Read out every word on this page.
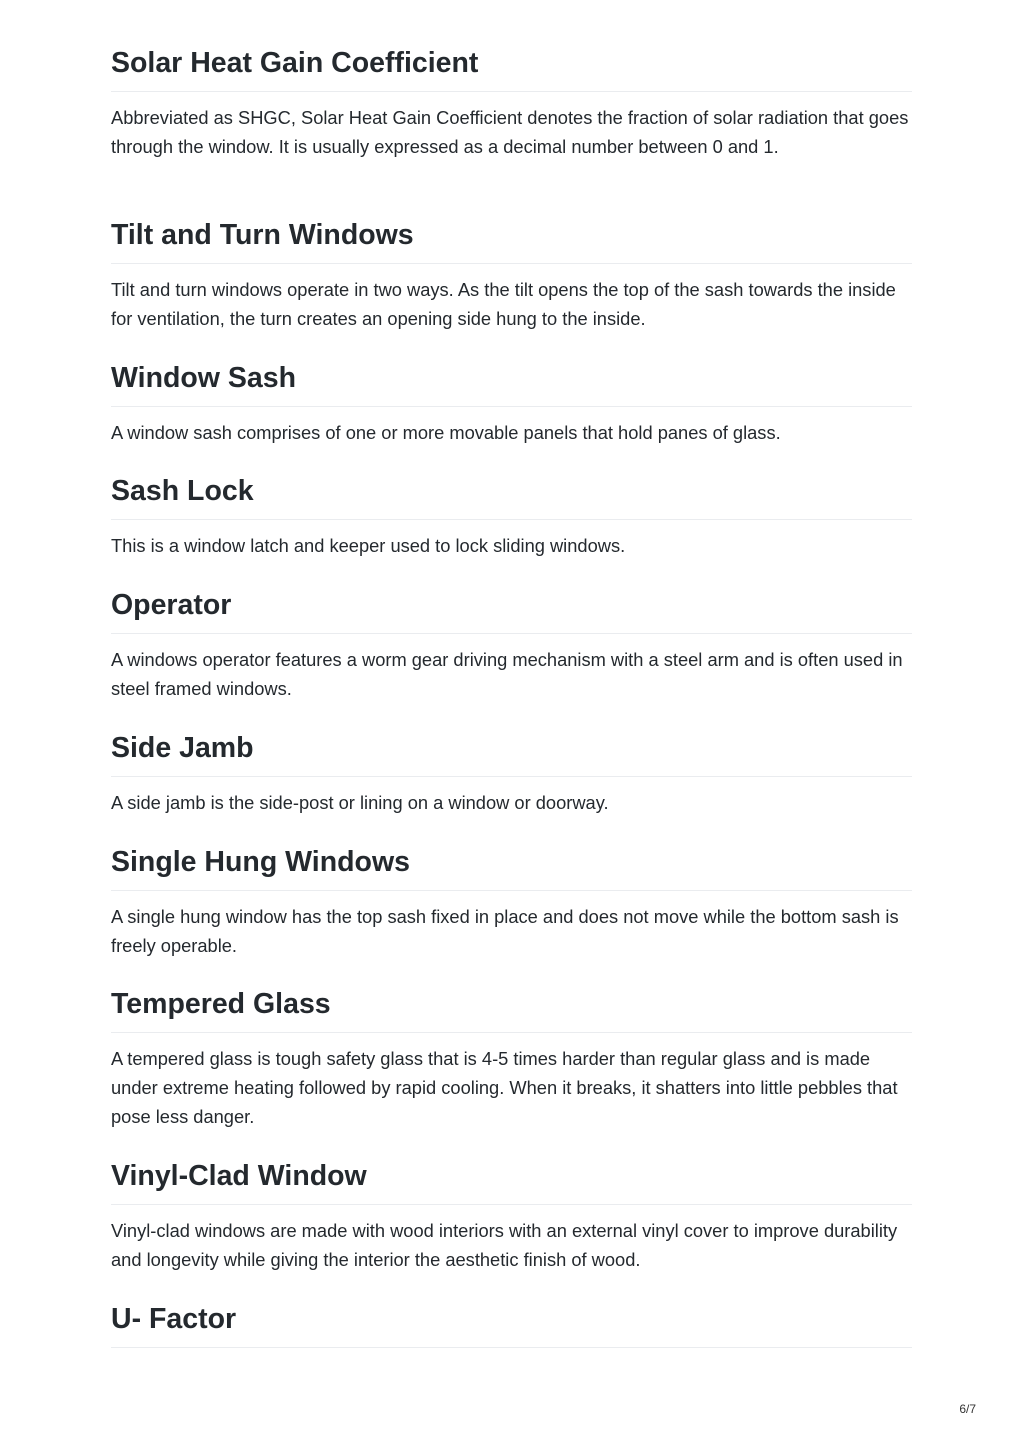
Solar Heat Gain Coefficient

Abbreviated as SHGC, Solar Heat Gain Coefficient denotes the fraction of solar radiation that goes through the window. It is usually expressed as a decimal number between 0 and 1.

Tilt and Turn Windows

Tilt and turn windows operate in two ways. As the tilt opens the top of the sash towards the inside for ventilation, the turn creates an opening side hung to the inside.

Window Sash

A window sash comprises of one or more movable panels that hold panes of glass.

Sash Lock

This is a window latch and keeper used to lock sliding windows.

Operator

A windows operator features a worm gear driving mechanism with a steel arm and is often used in steel framed windows.

Side Jamb

A side jamb is the side-post or lining on a window or doorway.

Single Hung Windows

A single hung window has the top sash fixed in place and does not move while the bottom sash is freely operable.

Tempered Glass

A tempered glass is tough safety glass that is 4-5 times harder than regular glass and is made under extreme heating followed by rapid cooling. When it breaks, it shatters into little pebbles that pose less danger.

Vinyl-Clad Window

Vinyl-clad windows are made with wood interiors with an external vinyl cover to improve durability and longevity while giving the interior the aesthetic finish of wood.

U- Factor
6/7
